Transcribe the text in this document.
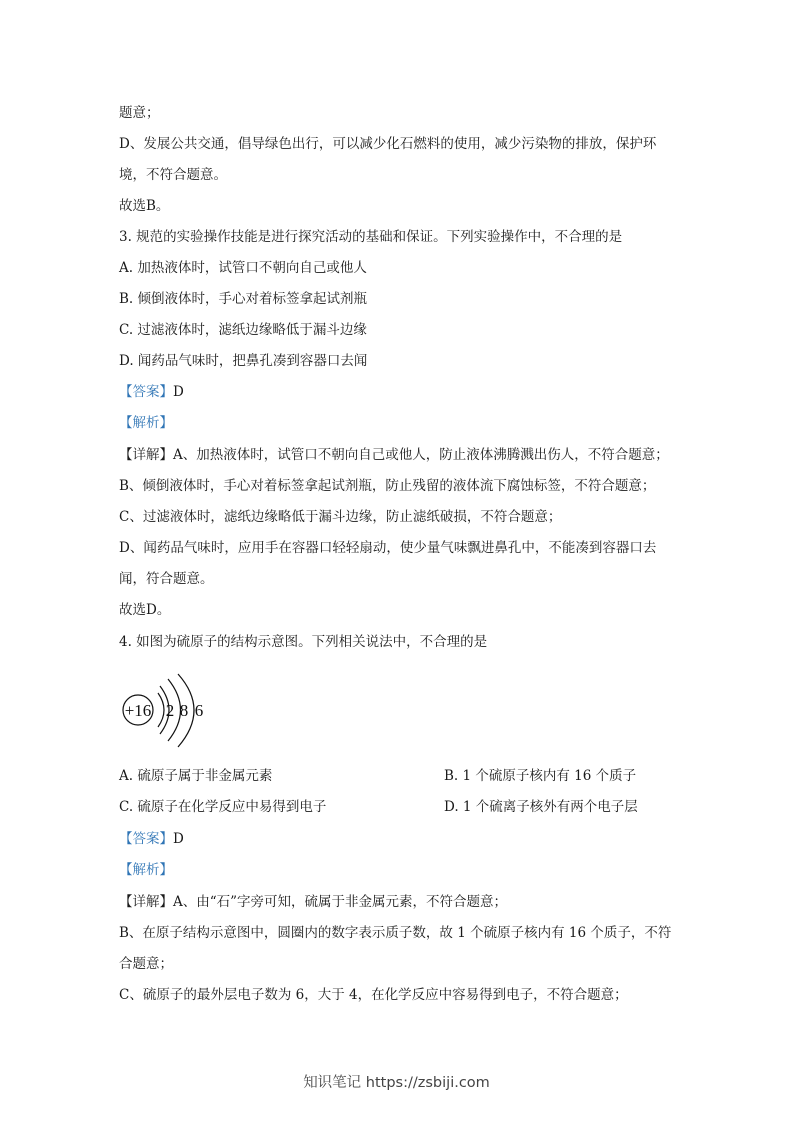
题意；
D、发展公共交通，倡导绿色出行，可以减少化石燃料的使用，减少污染物的排放，保护环
境，不符合题意。
故选B。
3. 规范的实验操作技能是进行探究活动的基础和保证。下列实验操作中，不合理的是
A. 加热液体时，试管口不朝向自己或他人
B. 倾倒液体时，手心对着标签拿起试剂瓶
C. 过滤液体时，滤纸边缘略低于漏斗边缘
D. 闻药品气味时，把鼻孔凑到容器口去闻
【答案】D
【解析】
【详解】A、加热液体时，试管口不朝向自己或他人，防止液体沸腾溅出伤人，不符合题意；
B、倾倒液体时，手心对着标签拿起试剂瓶，防止残留的液体流下腐蚀标签，不符合题意；
C、过滤液体时，滤纸边缘略低于漏斗边缘，防止滤纸破损，不符合题意；
D、闻药品气味时，应用手在容器口轻轻扇动，使少量气味飘进鼻孔中，不能凑到容器口去
闻，符合题意。
故选D。
4. 如图为硫原子的结构示意图。下列相关说法中，不合理的是
+16 2 8 6
A. 硫原子属于非金属元素	B. 1 个硫原子核内有 16 个质子
C. 硫原子在化学反应中易得到电子	D. 1 个硫离子核外有两个电子层
【答案】D
【解析】
【详解】A、由“石”字旁可知，硫属于非金属元素，不符合题意；
B、在原子结构示意图中，圆圈内的数字表示质子数，故 1 个硫原子核内有 16 个质子，不符
合题意；
C、硫原子的最外层电子数为 6，大于 4，在化学反应中容易得到电子，不符合题意；
知识笔记 https://zsbiji.com
